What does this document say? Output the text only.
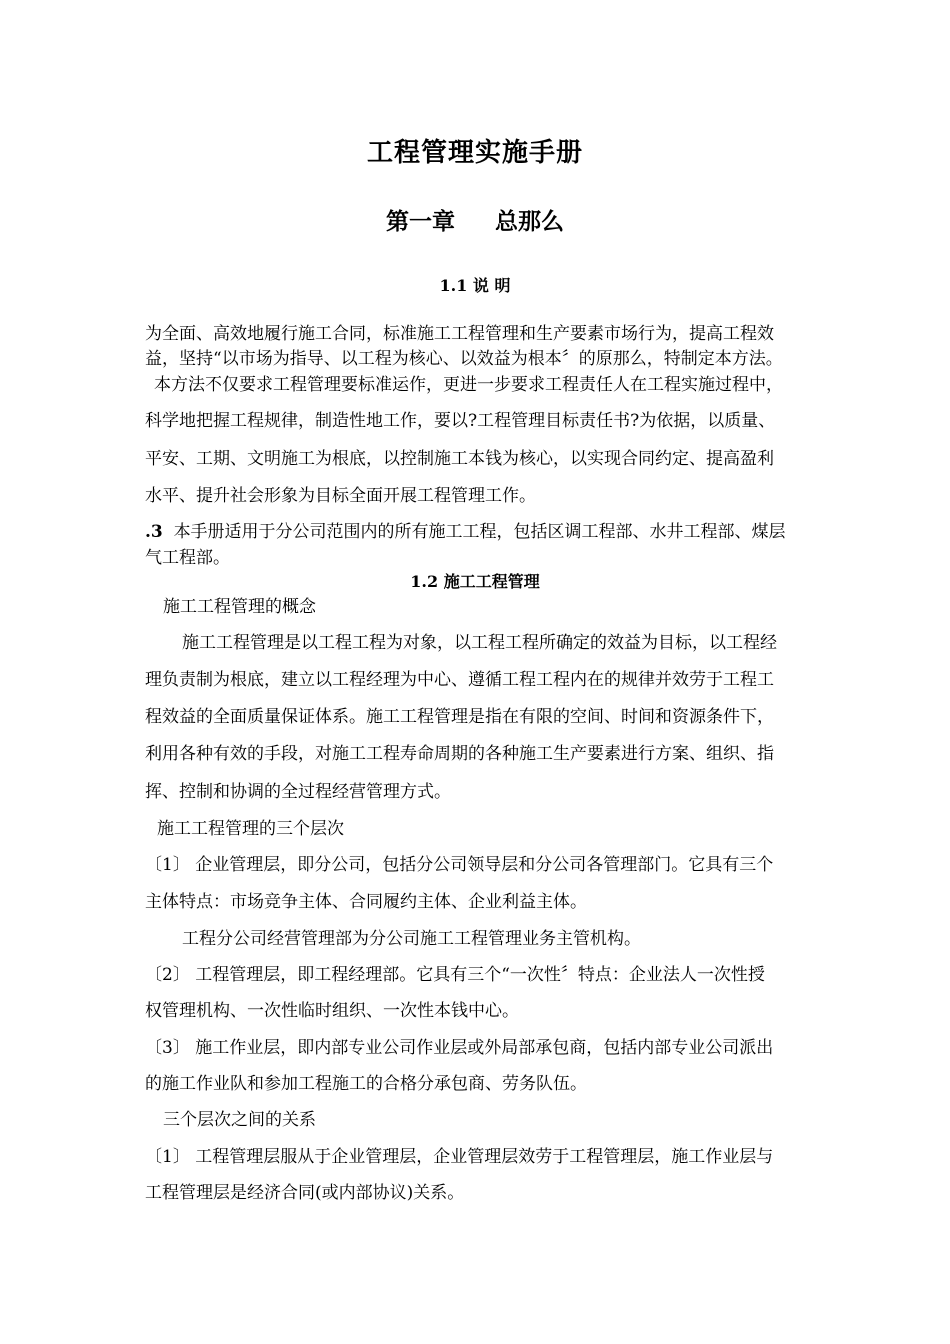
工程管理实施手册
第一章 总那么
1.1 说 明
为全面、高效地履行施工合同，标准施工工程管理和生产要素市场行为，提高工程效
益，坚持“以市场为指导、以工程为核心、以效益为根本〞的原那么，特制定本方法。
本方法不仅要求工程管理要标准运作，更进一步要求工程责任人在工程实施过程中，
科学地把握工程规律，制造性地工作，要以?工程管理目标责任书?为依据，以质量、
平安、工期、文明施工为根底，以控制施工本钱为核心，以实现合同约定、提高盈利
水平、提升社会形象为目标全面开展工程管理工作。
.3 本手册适用于分公司范围内的所有施工工程，包括区调工程部、水井工程部、煤层
气工程部。
1.2 施工工程管理
施工工程管理的概念
施工工程管理是以工程工程为对象，以工程工程所确定的效益为目标，以工程经
理负责制为根底，建立以工程经理为中心、遵循工程工程内在的规律并效劳于工程工
程效益的全面质量保证体系。施工工程管理是指在有限的空间、时间和资源条件下，
利用各种有效的手段，对施工工程寿命周期的各种施工生产要素进行方案、组织、指
挥、控制和协调的全过程经营管理方式。
施工工程管理的三个层次
〔1〕 企业管理层，即分公司，包括分公司领导层和分公司各管理部门。它具有三个
主体特点：市场竞争主体、合同履约主体、企业利益主体。
工程分公司经营管理部为分公司施工工程管理业务主管机构。
〔2〕 工程管理层，即工程经理部。它具有三个“一次性〞特点：企业法人一次性授
权管理机构、一次性临时组织、一次性本钱中心。
〔3〕 施工作业层，即内部专业公司作业层或外局部承包商，包括内部专业公司派出
的施工作业队和参加工程施工的合格分承包商、劳务队伍。
三个层次之间的关系
〔1〕 工程管理层服从于企业管理层，企业管理层效劳于工程管理层，施工作业层与
工程管理层是经济合同(或内部协议)关系。
